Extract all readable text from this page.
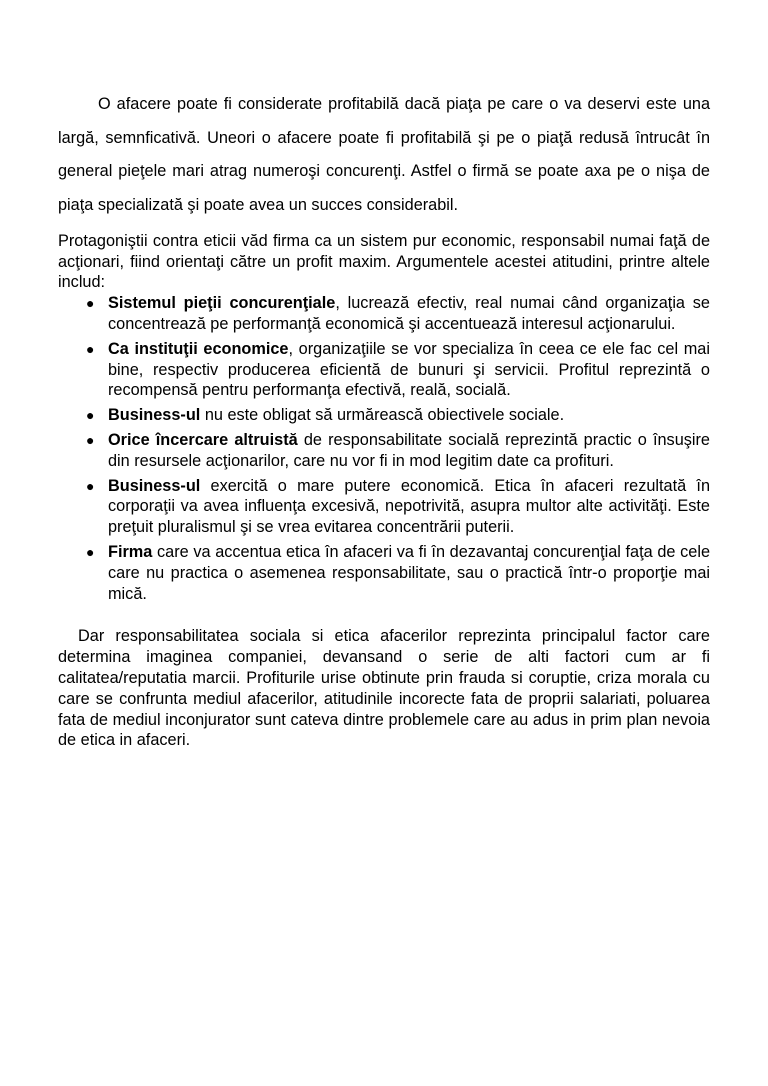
O afacere poate fi considerate profitabilă dacă piaţa pe care o va deservi este una largă, semnficativă. Uneori o afacere poate fi profitabilă şi pe o piaţă redusă întrucât în general pieţele mari atrag numeroşi concurenţi. Astfel o firmă se poate axa pe o nişa de piaţa specializată şi poate avea un succes considerabil.

Protagoniştii contra eticii văd firma ca un sistem pur economic, responsabil numai faţă de acţionari, fiind orientaţi către un profit maxim. Argumentele acestei atitudini, printre altele includ:

● Sistemul pieţii concurenţiale, lucrează efectiv, real numai când organizaţia se concentrează pe performanţă economică şi accentuează interesul acţionarului.
● Ca instituţii economice, organizaţiile se vor specializa în ceea ce ele fac cel mai bine, respectiv producerea eficientă de bunuri şi servicii. Profitul reprezintă o recompensă pentru performanţa efectivă, reală, socială.
● Business-ul nu este obligat să urmărească obiectivele sociale.
● Orice încercare altruistă de responsabilitate socială reprezintă practic o însuşire din resursele acţionarilor, care nu vor fi in mod legitim date ca profituri.
● Business-ul exercită o mare putere economică. Etica în afaceri rezultată în corporaţii va avea influenţa excesivă, nepotrivită, asupra multor alte activităţi. Este preţuit pluralismul şi se vrea evitarea concentrării puterii.
● Firma care va accentua etica în afaceri va fi în dezavantaj concurenţial faţa de cele care nu practica o asemenea responsabilitate, sau o practică într-o proporţie mai mică.

Dar responsabilitatea sociala si etica afacerilor reprezinta principalul factor care determina imaginea companiei, devansand o serie de alti factori cum ar fi calitatea/reputatia marcii. Profiturile urise obtinute prin frauda si coruptie, criza morala cu care se confrunta mediul afacerilor, atitudinile incorecte fata de proprii salariati, poluarea fata de mediul inconjurator sunt cateva dintre problemele care au adus in prim plan nevoia de etica in afaceri.
